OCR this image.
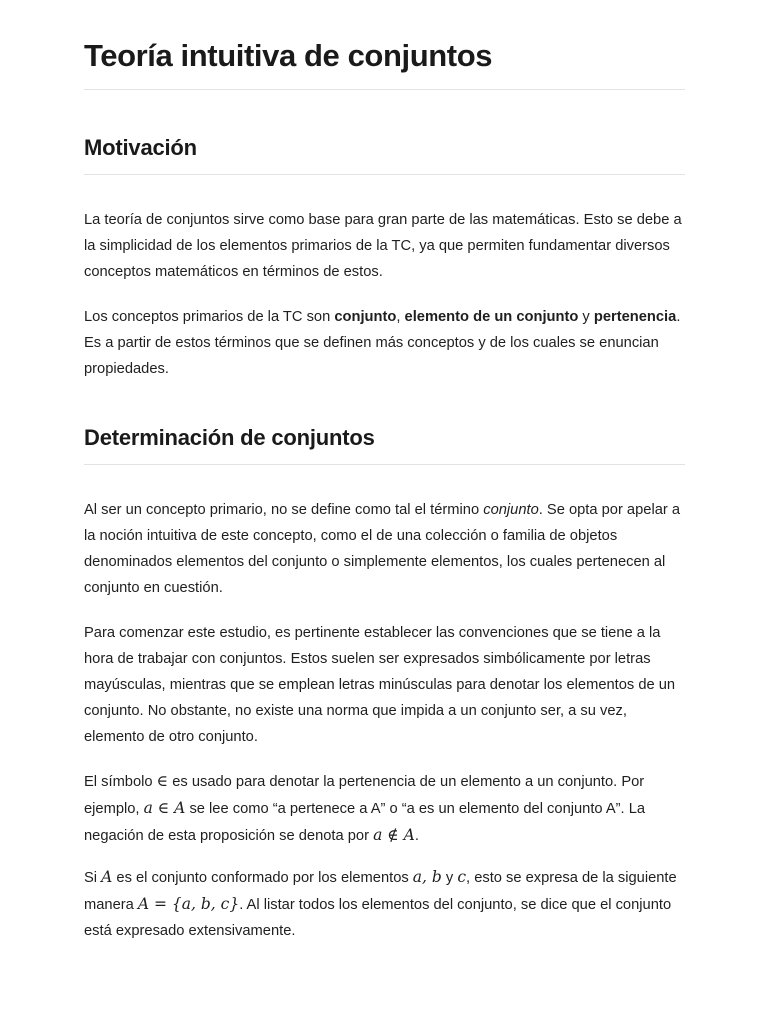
Teoría intuitiva de conjuntos
Motivación

La teoría de conjuntos sirve como base para gran parte de las matemáticas. Esto se debe a la simplicidad de los elementos primarios de la TC, ya que permiten fundamentar diversos conceptos matemáticos en términos de estos.

Los conceptos primarios de la TC son conjunto, elemento de un conjunto y pertenencia. Es a partir de estos términos que se definen más conceptos y de los cuales se enuncian propiedades.

Determinación de conjuntos

Al ser un concepto primario, no se define como tal el término conjunto. Se opta por apelar a la noción intuitiva de este concepto, como el de una colección o familia de objetos denominados elementos del conjunto o simplemente elementos, los cuales pertenecen al conjunto en cuestión.

Para comenzar este estudio, es pertinente establecer las convenciones que se tiene a la hora de trabajar con conjuntos. Estos suelen ser expresados simbólicamente por letras mayúsculas, mientras que se emplean letras minúsculas para denotar los elementos de un conjunto. No obstante, no existe una norma que impida a un conjunto ser, a su vez, elemento de otro conjunto.

El símbolo ∈ es usado para denotar la pertenencia de un elemento a un conjunto. Por ejemplo, a ∈ A se lee como “a pertenece a A” o “a es un elemento del conjunto A”. La negación de esta proposición se denota por a ∉ A.

Si A es el conjunto conformado por los elementos a, b y c, esto se expresa de la siguiente manera A = {a, b, c}. Al listar todos los elementos del conjunto, se dice que el conjunto está expresado extensivamente.
